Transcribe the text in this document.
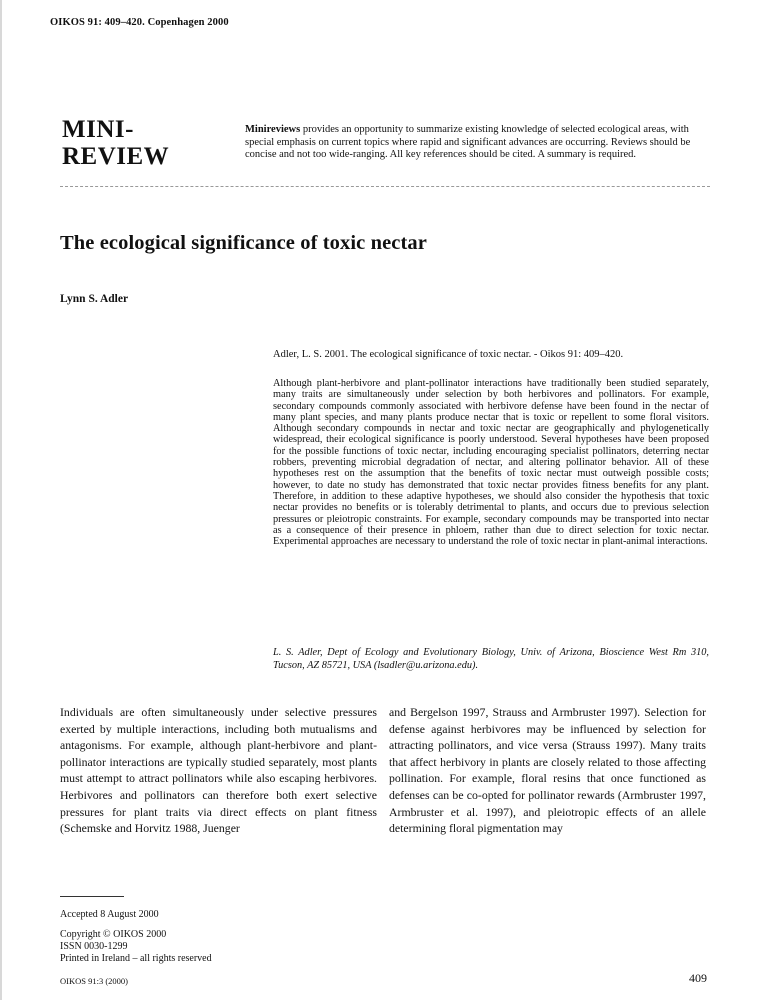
OIKOS 91: 409–420. Copenhagen 2000
MINI-
REVIEW

Minireviews provides an opportunity to summarize existing knowledge of selected ecological areas, with special emphasis on current topics where rapid and significant advances are occurring. Reviews should be concise and not too wide-ranging. All key references should be cited. A summary is required.

The ecological significance of toxic nectar

Lynn S. Adler

Adler, L. S. 2001. The ecological significance of toxic nectar. - Oikos 91: 409–420.

Although plant-herbivore and plant-pollinator interactions have traditionally been studied separately, many traits are simultaneously under selection by both herbivores and pollinators. For example, secondary compounds commonly associated with herbivore defense have been found in the nectar of many plant species, and many plants produce nectar that is toxic or repellent to some floral visitors. Although secondary compounds in nectar and toxic nectar are geographically and phylogenetically widespread, their ecological significance is poorly understood. Several hypotheses have been proposed for the possible functions of toxic nectar, including encouraging specialist pollinators, deterring nectar robbers, preventing microbial degradation of nectar, and altering pollinator behavior. All of these hypotheses rest on the assumption that the benefits of toxic nectar must outweigh possible costs; however, to date no study has demonstrated that toxic nectar provides fitness benefits for any plant. Therefore, in addition to these adaptive hypotheses, we should also consider the hypothesis that toxic nectar provides no benefits or is tolerably detrimental to plants, and occurs due to previous selection pressures or pleiotropic constraints. For example, secondary compounds may be transported into nectar as a consequence of their presence in phloem, rather than due to direct selection for toxic nectar. Experimental approaches are necessary to understand the role of toxic nectar in plant-animal interactions.

L. S. Adler, Dept of Ecology and Evolutionary Biology, Univ. of Arizona, Bioscience West Rm 310, Tucson, AZ 85721, USA (lsadler@u.arizona.edu).

Individuals are often simultaneously under selective pressures exerted by multiple interactions, including both mutualisms and antagonisms. For example, although plant-herbivore and plant-pollinator interactions are typically studied separately, most plants must attempt to attract pollinators while also escaping herbivores. Herbivores and pollinators can therefore both exert selective pressures for plant traits via direct effects on plant fitness (Schemske and Horvitz 1988, Juenger

and Bergelson 1997, Strauss and Armbruster 1997). Selection for defense against herbivores may be influenced by selection for attracting pollinators, and vice versa (Strauss 1997). Many traits that affect herbivory in plants are closely related to those affecting pollination. For example, floral resins that once functioned as defenses can be co-opted for pollinator rewards (Armbruster 1997, Armbruster et al. 1997), and pleiotropic effects of an allele determining floral pigmentation may

Accepted 8 August 2000

Copyright © OIKOS 2000

ISSN 0030-1299

Printed in Ireland – all rights reserved

OIKOS 91:3 (2000)	409
